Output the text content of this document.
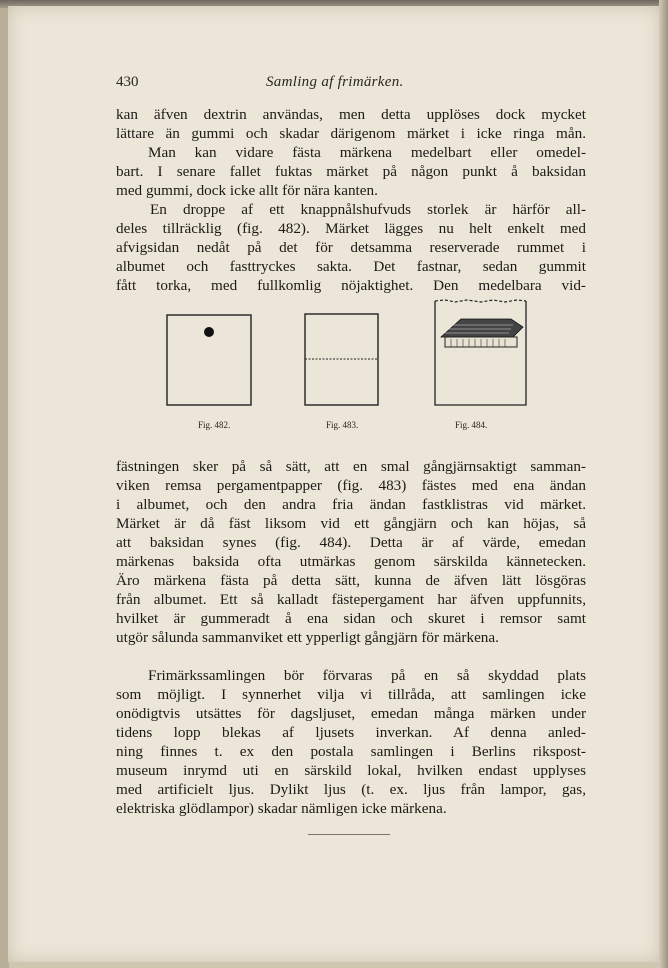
430	Samling af frimärken.

kan äfven dextrin användas, men detta upplöses dock mycket

lättare än gummi och skadar därigenom märket i icke ringa mån.

Man kan vidare fästa märkena medelbart eller omedel-

bart. I senare fallet fuktas märket på någon punkt å baksidan

med gummi, dock icke allt för nära kanten.

En droppe af ett knappnålshufvuds storlek är härför all-

deles tillräcklig (fig. 482). Märket lägges nu helt enkelt med

afvigsidan nedåt på det för detsamma reserverade rummet i

albumet och fasttryckes sakta. Det fastnar, sedan gummit

fått torka, med fullkomlig nöjaktighet. Den medelbara vid-

Fig. 482.	Fig. 483.	Fig. 484.

fästningen sker på så sätt, att en smal gångjärnsaktigt samman-

viken remsa pergamentpapper (fig. 483) fästes med ena ändan

i albumet, och den andra fria ändan fastklistras vid märket.

Märket är då fäst liksom vid ett gångjärn och kan höjas, så

att baksidan synes (fig. 484). Detta är af värde, emedan

märkenas baksida ofta utmärkas genom särskilda kännetecken.

Äro märkena fästa på detta sätt, kunna de äfven lätt lösgöras

från albumet. Ett så kalladt fästepergament har äfven uppfunnits,

hvilket är gummeradt å ena sidan och skuret i remsor samt

utgör sålunda sammanviket ett ypperligt gångjärn för märkena.

Frimärkssamlingen bör förvaras på en så skyddad plats

som möjligt. I synnerhet vilja vi tillråda, att samlingen icke

onödigtvis utsättes för dagsljuset, emedan många märken under

tidens lopp blekas af ljusets inverkan. Af denna anled-

ning finnes t. ex den postala samlingen i Berlins rikspost-

museum inrymd uti en särskild lokal, hvilken endast upplyses

med artificielt ljus. Dylikt ljus (t. ex. ljus från lampor, gas,

elektriska glödlampor) skadar nämligen icke märkena.
